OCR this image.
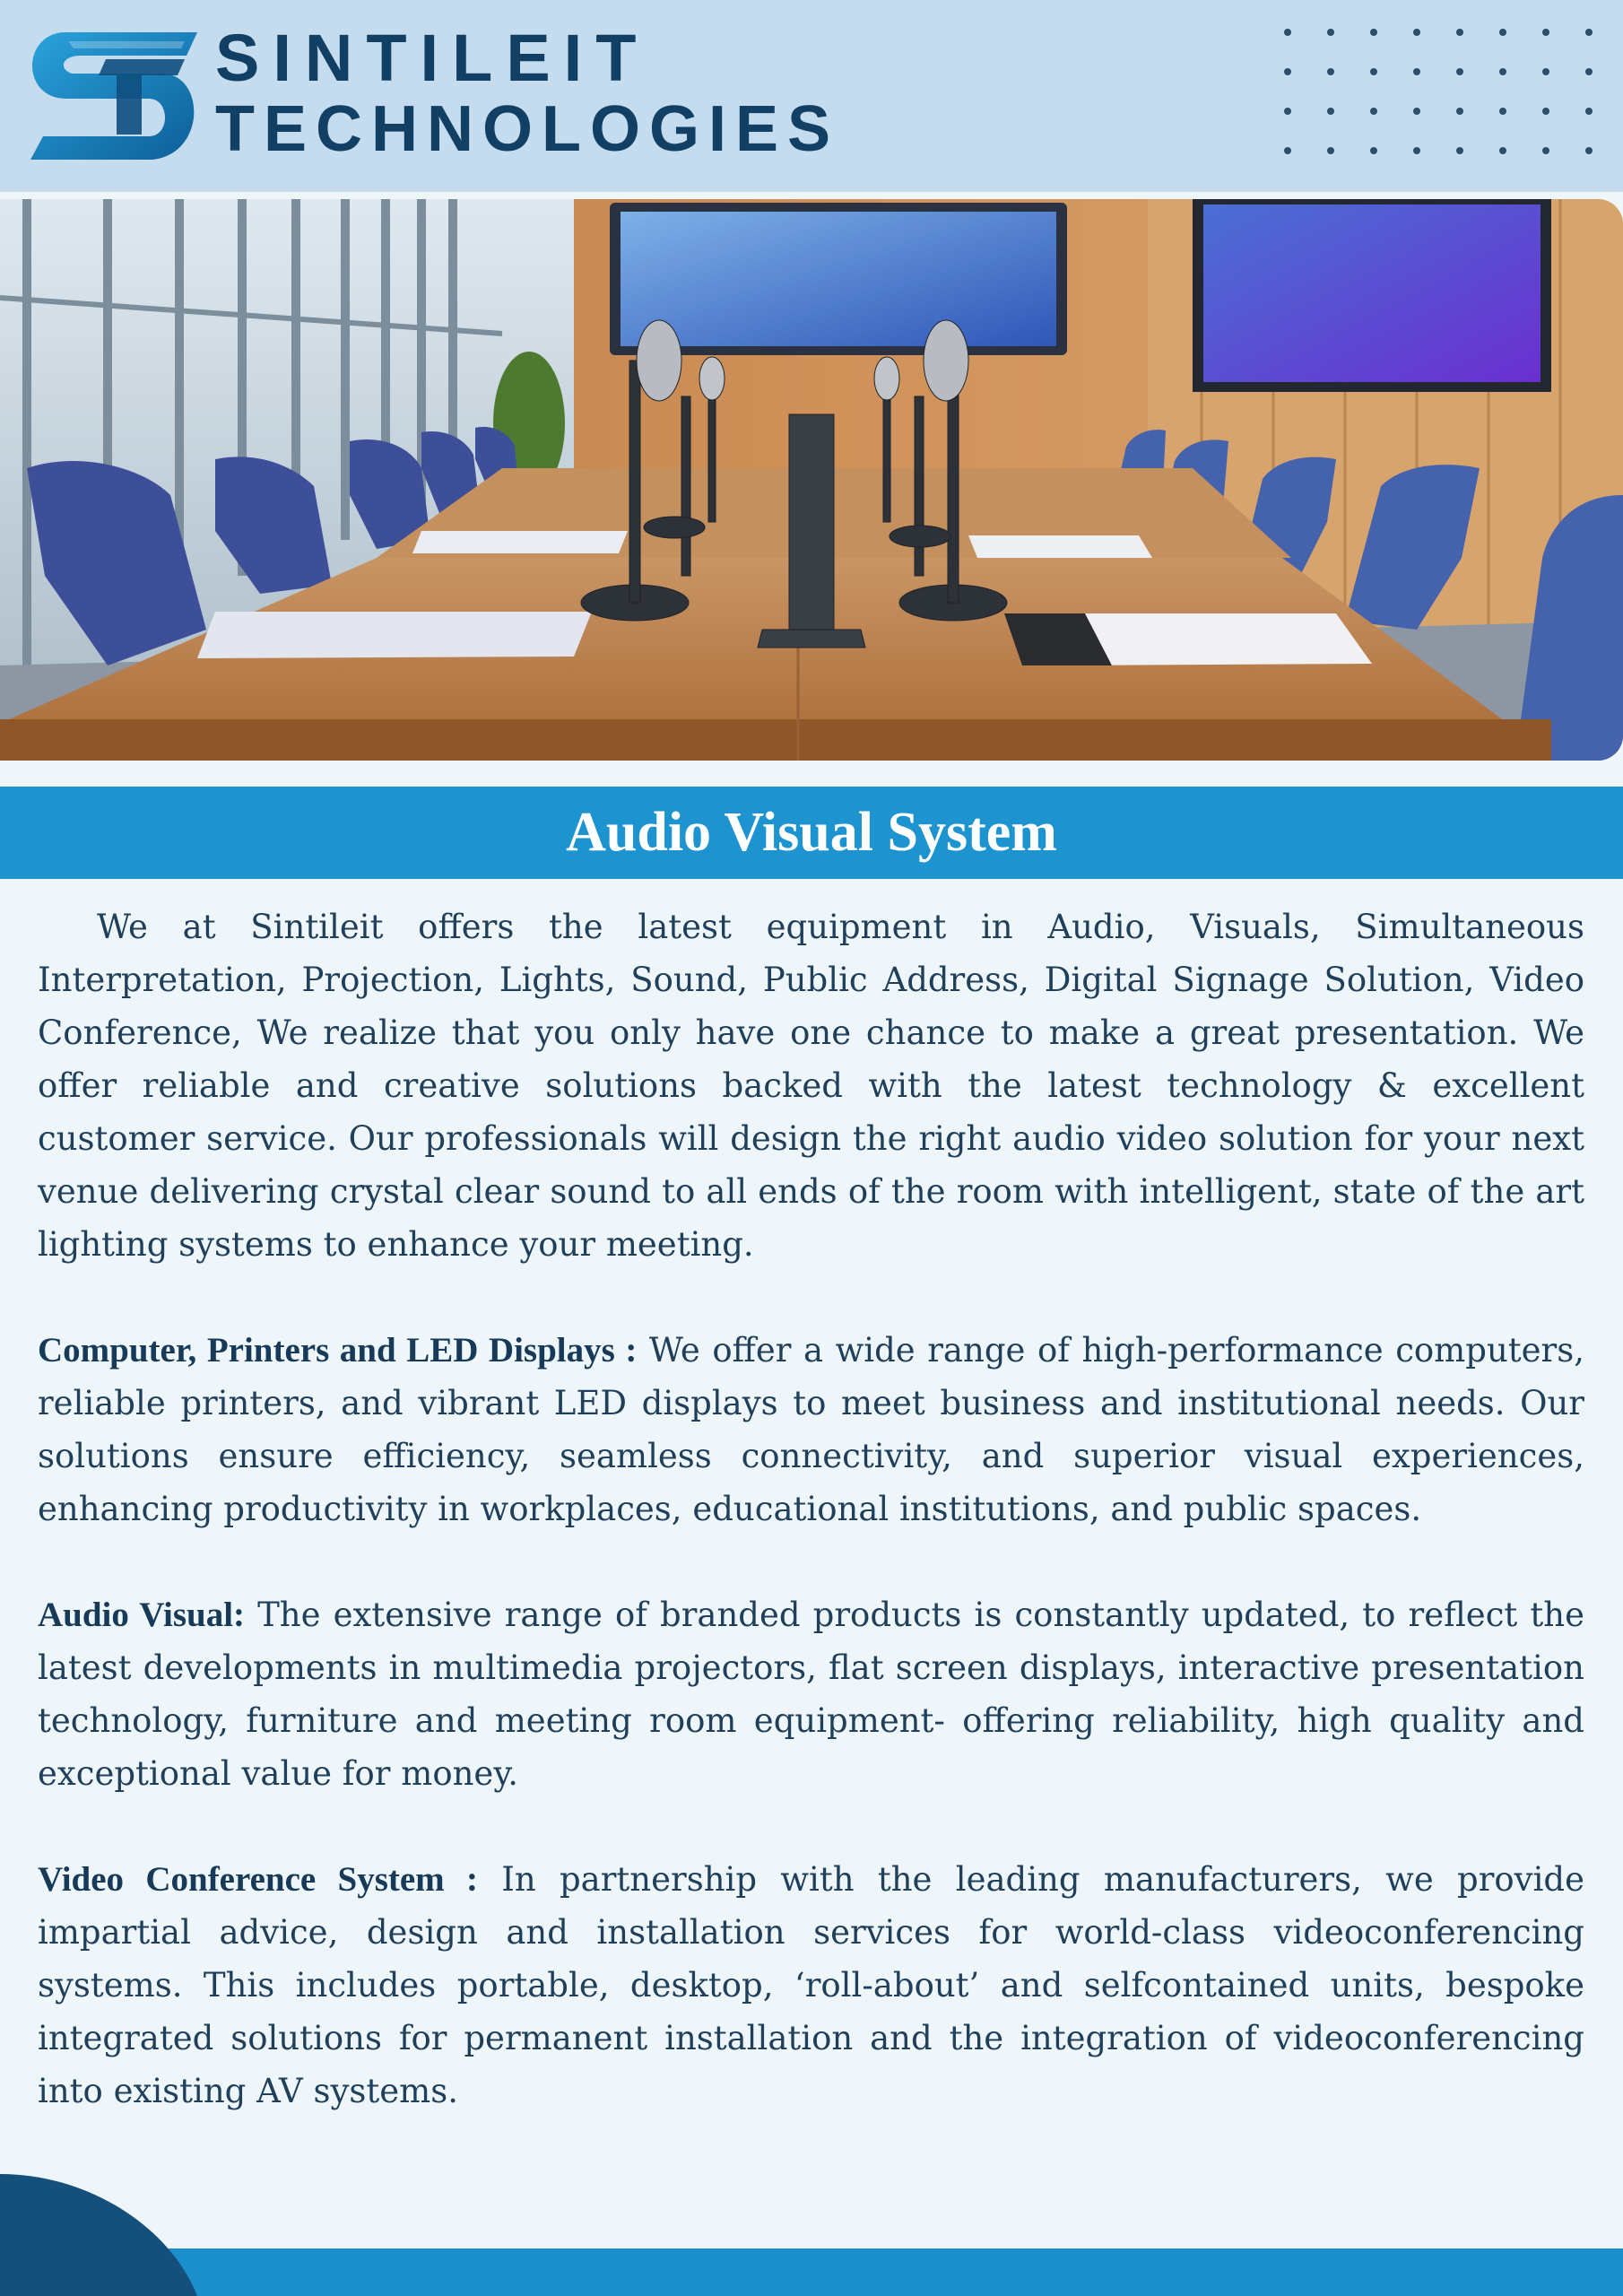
SINTILEIT
TECHNOLOGIES
Audio Visual System

We at Sintileit offers the latest equipment in Audio, Visuals, Simultaneous Interpretation, Projection, Lights, Sound, Public Address, Digital Signage Solution, Video Conference, We realize that you only have one chance to make a great presentation. We offer reliable and creative solutions backed with the latest technology & excellent customer service. Our professionals will design the right audio video solution for your next venue delivering crystal clear sound to all ends of the room with intelligent, state of the art lighting systems to enhance your meeting.

Computer, Printers and LED Displays : We offer a wide range of high-performance computers, reliable printers, and vibrant LED displays to meet business and institutional needs. Our solutions ensure efficiency, seamless connectivity, and superior visual experiences, enhancing productivity in workplaces, educational institutions, and public spaces.

Audio Visual: The extensive range of branded products is constantly updated, to reflect the latest developments in multimedia projectors, flat screen displays, interactive presentation technology, furniture and meeting room equipment- offering reliability, high quality and exceptional value for money.

Video Conference System : In partnership with the leading manufacturers, we provide impartial advice, design and installation services for world-class videoconferencing systems. This includes portable, desktop, ‘roll-about’ and selfcontained units, bespoke integrated solutions for permanent installation and the integration of videoconferencing into existing AV systems.
